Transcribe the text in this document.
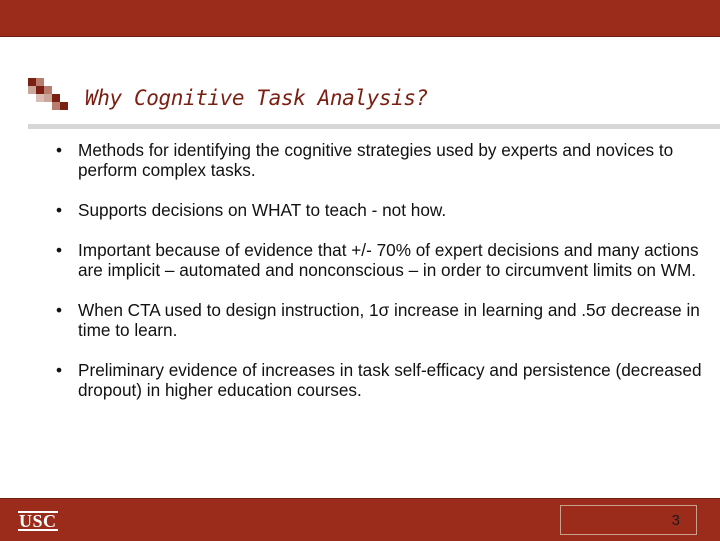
Why Cognitive Task Analysis?
• Methods for identifying the cognitive strategies used by experts and novices to perform complex tasks.
• Supports decisions on WHAT to teach - not how.
• Important because of evidence that +/- 70% of expert decisions and many actions are implicit – automated and nonconscious – in order to circumvent limits on WM.
• When CTA used to design instruction, 1σ increase in learning and .5σ decrease in time to learn.
• Preliminary evidence of increases in task self-efficacy and persistence (decreased dropout) in higher education courses.
USC	3
